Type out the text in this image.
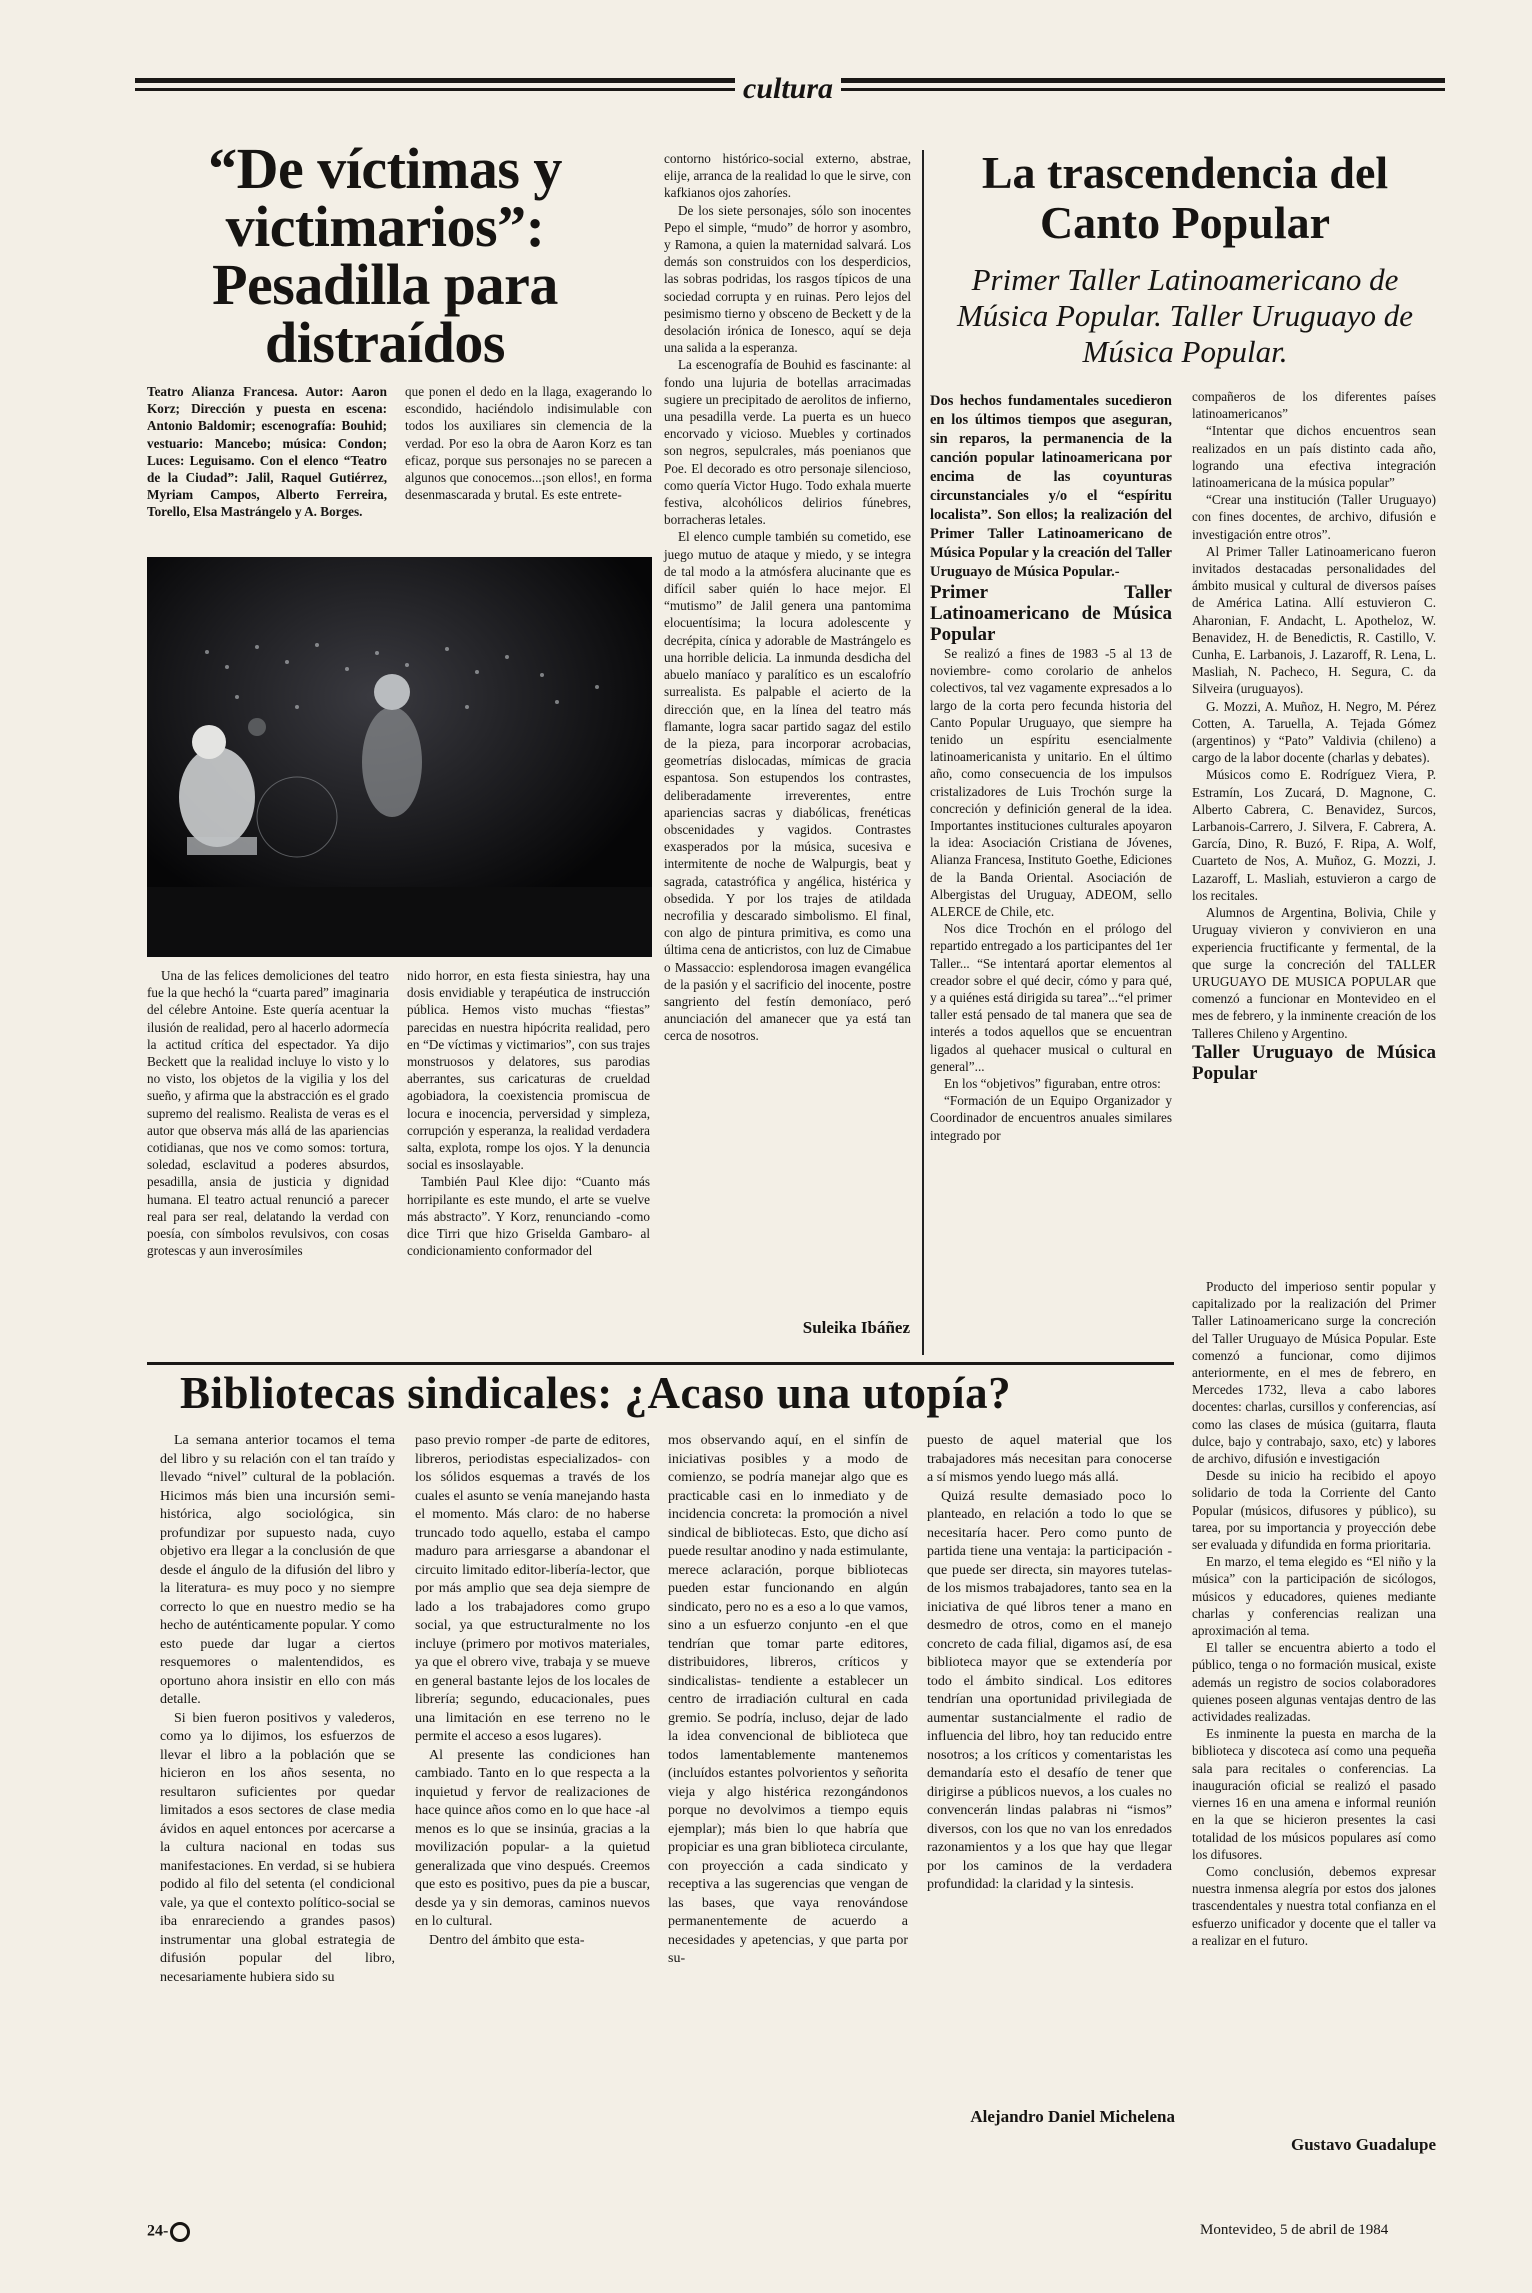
cultura
“De víctimas y victimarios”: Pesadilla para distraídos

Teatro Alianza Francesa. Autor: Aaron Korz; Dirección y puesta en escena: Antonio Baldomir; escenografía: Bouhid; vestuario: Mancebo; música: Condon; Luces: Leguisamo. Con el elenco “Teatro de la Ciudad”: Jalil, Raquel Gutiérrez, Myriam Campos, Alberto Ferreira, Torello, Elsa Mastrángelo y A. Borges.

que ponen el dedo en la llaga, exagerando lo escondido, haciéndolo indisimulable con todos los auxiliares sin clemencia de la verdad. Por eso la obra de Aaron Korz es tan eficaz, porque sus personajes no se parecen a algunos que conocemos...¡son ellos!, en forma desenmascarada y brutal. Es este entrete-

Una de las felices demoliciones del teatro fue la que hechó la “cuarta pared” imaginaria del célebre Antoine. Este quería acentuar la ilusión de realidad, pero al hacerlo adormecía la actitud crítica del espectador. Ya dijo Beckett que la realidad incluye lo visto y lo no visto, los objetos de la vigilia y los del sueño, y afirma que la abstracción es el grado supremo del realismo. Realista de veras es el autor que observa más allá de las apariencias cotidianas, que nos ve como somos: tortura, soledad, esclavitud a poderes absurdos, pesadilla, ansia de justicia y dignidad humana. El teatro actual renunció a parecer real para ser real, delatando la verdad con poesía, con símbolos revulsivos, con cosas grotescas y aun inverosímiles

nido horror, en esta fiesta siniestra, hay una dosis envidiable y terapéutica de instrucción pública. Hemos visto muchas “fiestas” parecidas en nuestra hipócrita realidad, pero en “De víctimas y victimarios”, con sus trajes monstruosos y delatores, sus parodias aberrantes, sus caricaturas de crueldad agobiadora, la coexistencia promiscua de locura e inocencia, perversidad y simpleza, corrupción y esperanza, la realidad verdadera salta, explota, rompe los ojos. Y la denuncia social es insoslayable.

También Paul Klee dijo: “Cuanto más horripilante es este mundo, el arte se vuelve más abstracto”. Y Korz, renunciando -como dice Tirri que hizo Griselda Gambaro- al condicionamiento conformador del

contorno histórico-social externo, abstrae, elije, arranca de la realidad lo que le sirve, con kafkianos ojos zahoríes.

De los siete personajes, sólo son inocentes Pepo el simple, “mudo” de horror y asombro, y Ramona, a quien la maternidad salvará. Los demás son construidos con los desperdicios, las sobras podridas, los rasgos típicos de una sociedad corrupta y en ruinas. Pero lejos del pesimismo tierno y obsceno de Beckett y de la desolación irónica de Ionesco, aquí se deja una salida a la esperanza.

La escenografía de Bouhid es fascinante: al fondo una lujuria de botellas arracimadas sugiere un precipitado de aerolitos de infierno, una pesadilla verde. La puerta es un hueco encorvado y vicioso. Muebles y cortinados son negros, sepulcrales, más poenianos que Poe. El decorado es otro personaje silencioso, como quería Victor Hugo. Todo exhala muerte festiva, alcohólicos delirios fúnebres, borracheras letales.

El elenco cumple también su cometido, ese juego mutuo de ataque y miedo, y se integra de tal modo a la atmósfera alucinante que es difícil saber quién lo hace mejor. El “mutismo” de Jalil genera una pantomima elocuentísima; la locura adolescente y decrépita, cínica y adorable de Mastrángelo es una horrible delicia. La inmunda desdicha del abuelo maníaco y paralítico es un escalofrío surrealista. Es palpable el acierto de la dirección que, en la línea del teatro más flamante, logra sacar partido sagaz del estilo de la pieza, para incorporar acrobacias, geometrías dislocadas, mímicas de gracia espantosa. Son estupendos los contrastes, deliberadamente irreverentes, entre apariencias sacras y diabólicas, frenéticas obscenidades y vagidos. Contrastes exasperados por la música, sucesiva e intermitente de noche de Walpurgis, beat y sagrada, catastrófica y angélica, histérica y obsedida. Y por los trajes de atildada necrofilia y descarado simbolismo. El final, con algo de pintura primitiva, es como una última cena de anticristos, con luz de Cimabue o Massaccio: esplendorosa imagen evangélica de la pasión y el sacrificio del inocente, postre sangriento del festín demoníaco, peró anunciación del amanecer que ya está tan cerca de nosotros.

Suleika Ibáñez
La trascendencia del Canto Popular
Primer Taller Latinoamericano de Música Popular. Taller Uruguayo de Música Popular.

Dos hechos fundamentales sucedieron en los últimos tiempos que aseguran, sin reparos, la permanencia de la canción popular latinoamericana por encima de las coyunturas circunstanciales y/o el “espíritu localista”. Son ellos; la realización del Primer Taller Latinoamericano de Música Popular y la creación del Taller Uruguayo de Música Popular.-

Primer Taller Latinoamericano de Música Popular

Se realizó a fines de 1983 -5 al 13 de noviembre- como corolario de anhelos colectivos, tal vez vagamente expresados a lo largo de la corta pero fecunda historia del Canto Popular Uruguayo, que siempre ha tenido un espíritu esencialmente latinoamericanista y unitario. En el último año, como consecuencia de los impulsos cristalizadores de Luis Trochón surge la concreción y definición general de la idea. Importantes instituciones culturales apoyaron la idea: Asociación Cristiana de Jóvenes, Alianza Francesa, Instituto Goethe, Ediciones de la Banda Oriental. Asociación de Albergistas del Uruguay, ADEOM, sello ALERCE de Chile, etc.

Nos dice Trochón en el prólogo del repartido entregado a los participantes del 1er Taller... “Se intentará aportar elementos al creador sobre el qué decir, cómo y para qué, y a quiénes está dirigida su tarea”...“el primer taller está pensado de tal manera que sea de interés a todos aquellos que se encuentran ligados al quehacer musical o cultural en general”...

En los “objetivos” figuraban, entre otros:

“Formación de un Equipo Organizador y Coordinador de encuentros anuales similares integrado por

compañeros de los diferentes países latinoamericanos”

“Intentar que dichos encuentros sean realizados en un país distinto cada año, logrando una efectiva integración latinoamericana de la música popular”

“Crear una institución (Taller Uruguayo) con fines docentes, de archivo, difusión e investigación entre otros”.

Al Primer Taller Latinoamericano fueron invitados destacadas personalidades del ámbito musical y cultural de diversos países de América Latina. Allí estuvieron C. Aharonian, F. Andacht, L. Apotheloz, W. Benavidez, H. de Benedictis, R. Castillo, V. Cunha, E. Larbanois, J. Lazaroff, R. Lena, L. Masliah, N. Pacheco, H. Segura, C. da Silveira (uruguayos).

G. Mozzi, A. Muñoz, H. Negro, M. Pérez Cotten, A. Taruella, A. Tejada Gómez (argentinos) y “Pato” Valdivia (chileno) a cargo de la labor docente (charlas y debates).

Músicos como E. Rodríguez Viera, P. Estramín, Los Zucará, D. Magnone, C. Alberto Cabrera, C. Benavidez, Surcos, Larbanois-Carrero, J. Silvera, F. Cabrera, A. García, Dino, R. Buzó, F. Ripa, A. Wolf, Cuarteto de Nos, A. Muñoz, G. Mozzi, J. Lazaroff, L. Masliah, estuvieron a cargo de los recitales.

Alumnos de Argentina, Bolivia, Chile y Uruguay vivieron y convivieron en una experiencia fructificante y fermental, de la que surge la concreción del TALLER URUGUAYO DE MUSICA POPULAR que comenzó a funcionar en Montevideo en el mes de febrero, y la inminente creación de los Talleres Chileno y Argentino.

Taller Uruguayo de Música Popular

Producto del imperioso sentir popular y capitalizado por la realización del Primer Taller Latinoamericano surge la concreción del Taller Uruguayo de Música Popular. Este comenzó a funcionar, como dijimos anteriormente, en el mes de febrero, en Mercedes 1732, lleva a cabo labores docentes: charlas, cursillos y conferencias, así como las clases de música (guitarra, flauta dulce, bajo y contrabajo, saxo, etc) y labores de archivo, difusión e investigación

Desde su inicio ha recibido el apoyo solidario de toda la Corriente del Canto Popular (músicos, difusores y público), su tarea, por su importancia y proyección debe ser evaluada y difundida en forma prioritaria.

En marzo, el tema elegido es “El niño y la música” con la participación de sicólogos, músicos y educadores, quienes mediante charlas y conferencias realizan una aproximación al tema.

El taller se encuentra abierto a todo el público, tenga o no formación musical, existe además un registro de socios colaboradores quienes poseen algunas ventajas dentro de las actividades realizadas.

Es inminente la puesta en marcha de la biblioteca y discoteca así como una pequeña sala para recitales o conferencias. La inauguración oficial se realizó el pasado viernes 16 en una amena e informal reunión en la que se hicieron presentes la casi totalidad de los músicos populares así como los difusores.

Como conclusión, debemos expresar nuestra inmensa alegría por estos dos jalones trascendentales y nuestra total confianza en el esfuerzo unificador y docente que el taller va a realizar en el futuro.

Gustavo Guadalupe
Bibliotecas sindicales: ¿Acaso una utopía?

La semana anterior tocamos el tema del libro y su relación con el tan traído y llevado “nivel” cultural de la población. Hicimos más bien una incursión semi-histórica, algo sociológica, sin profundizar por supuesto nada, cuyo objetivo era llegar a la conclusión de que desde el ángulo de la difusión del libro y la literatura- es muy poco y no siempre correcto lo que en nuestro medio se ha hecho de auténticamente popular. Y como esto puede dar lugar a ciertos resquemores o malentendidos, es oportuno ahora insistir en ello con más detalle.

Si bien fueron positivos y valederos, como ya lo dijimos, los esfuerzos de llevar el libro a la población que se hicieron en los años sesenta, no resultaron suficientes por quedar limitados a esos sectores de clase media ávidos en aquel entonces por acercarse a la cultura nacional en todas sus manifestaciones. En verdad, si se hubiera podido al filo del setenta (el condicional vale, ya que el contexto político-social se iba enrareciendo a grandes pasos) instrumentar una global estrategia de difusión popular del libro, necesariamente hubiera sido su

paso previo romper -de parte de editores, libreros, periodistas especializados- con los sólidos esquemas a través de los cuales el asunto se venía manejando hasta el momento. Más claro: de no haberse truncado todo aquello, estaba el campo maduro para arriesgarse a abandonar el circuito limitado editor-libería-lector, que por más amplio que sea deja siempre de lado a los trabajadores como grupo social, ya que estructuralmente no los incluye (primero por motivos materiales, ya que el obrero vive, trabaja y se mueve en general bastante lejos de los locales de librería; segundo, educacionales, pues una limitación en ese terreno no le permite el acceso a esos lugares).

Al presente las condiciones han cambiado. Tanto en lo que respecta a la inquietud y fervor de realizaciones de hace quince años como en lo que hace -al menos es lo que se insinúa, gracias a la movilización popular- a la quietud generalizada que vino después. Creemos que esto es positivo, pues da pie a buscar, desde ya y sin demoras, caminos nuevos en lo cultural.

Dentro del ámbito que esta-

mos observando aquí, en el sinfín de iniciativas posibles y a modo de comienzo, se podría manejar algo que es practicable casi en lo inmediato y de incidencia concreta: la promoción a nivel sindical de bibliotecas. Esto, que dicho así puede resultar anodino y nada estimulante, merece aclaración, porque bibliotecas pueden estar funcionando en algún sindicato, pero no es a eso a lo que vamos, sino a un esfuerzo conjunto -en el que tendrían que tomar parte editores, distribuidores, libreros, críticos y sindicalistas- tendiente a establecer un centro de irradiación cultural en cada gremio. Se podría, incluso, dejar de lado la idea convencional de biblioteca que todos lamentablemente mantenemos (incluídos estantes polvorientos y señorita vieja y algo histérica rezongándonos porque no devolvimos a tiempo equis ejemplar); más bien lo que habría que propiciar es una gran biblioteca circulante, con proyección a cada sindicato y receptiva a las sugerencias que vengan de las bases, que vaya renovándose permanentemente de acuerdo a necesidades y apetencias, y que parta por su-

puesto de aquel material que los trabajadores más necesitan para conocerse a sí mismos yendo luego más allá.

Quizá resulte demasiado poco lo planteado, en relación a todo lo que se necesitaría hacer. Pero como punto de partida tiene una ventaja: la participación -que puede ser directa, sin mayores tutelas- de los mismos trabajadores, tanto sea en la iniciativa de qué libros tener a mano en desmedro de otros, como en el manejo concreto de cada filial, digamos así, de esa biblioteca mayor que se extendería por todo el ámbito sindical. Los editores tendrían una oportunidad privilegiada de aumentar sustancialmente el radio de influencia del libro, hoy tan reducido entre nosotros; a los críticos y comentaristas les demandaría esto el desafío de tener que dirigirse a públicos nuevos, a los cuales no convencerán lindas palabras ni “ismos” diversos, con los que no van los enredados razonamientos y a los que hay que llegar por los caminos de la verdadera profundidad: la claridad y la sintesis.

Alejandro Daniel Michelena
24-	Montevideo, 5 de abril de 1984
